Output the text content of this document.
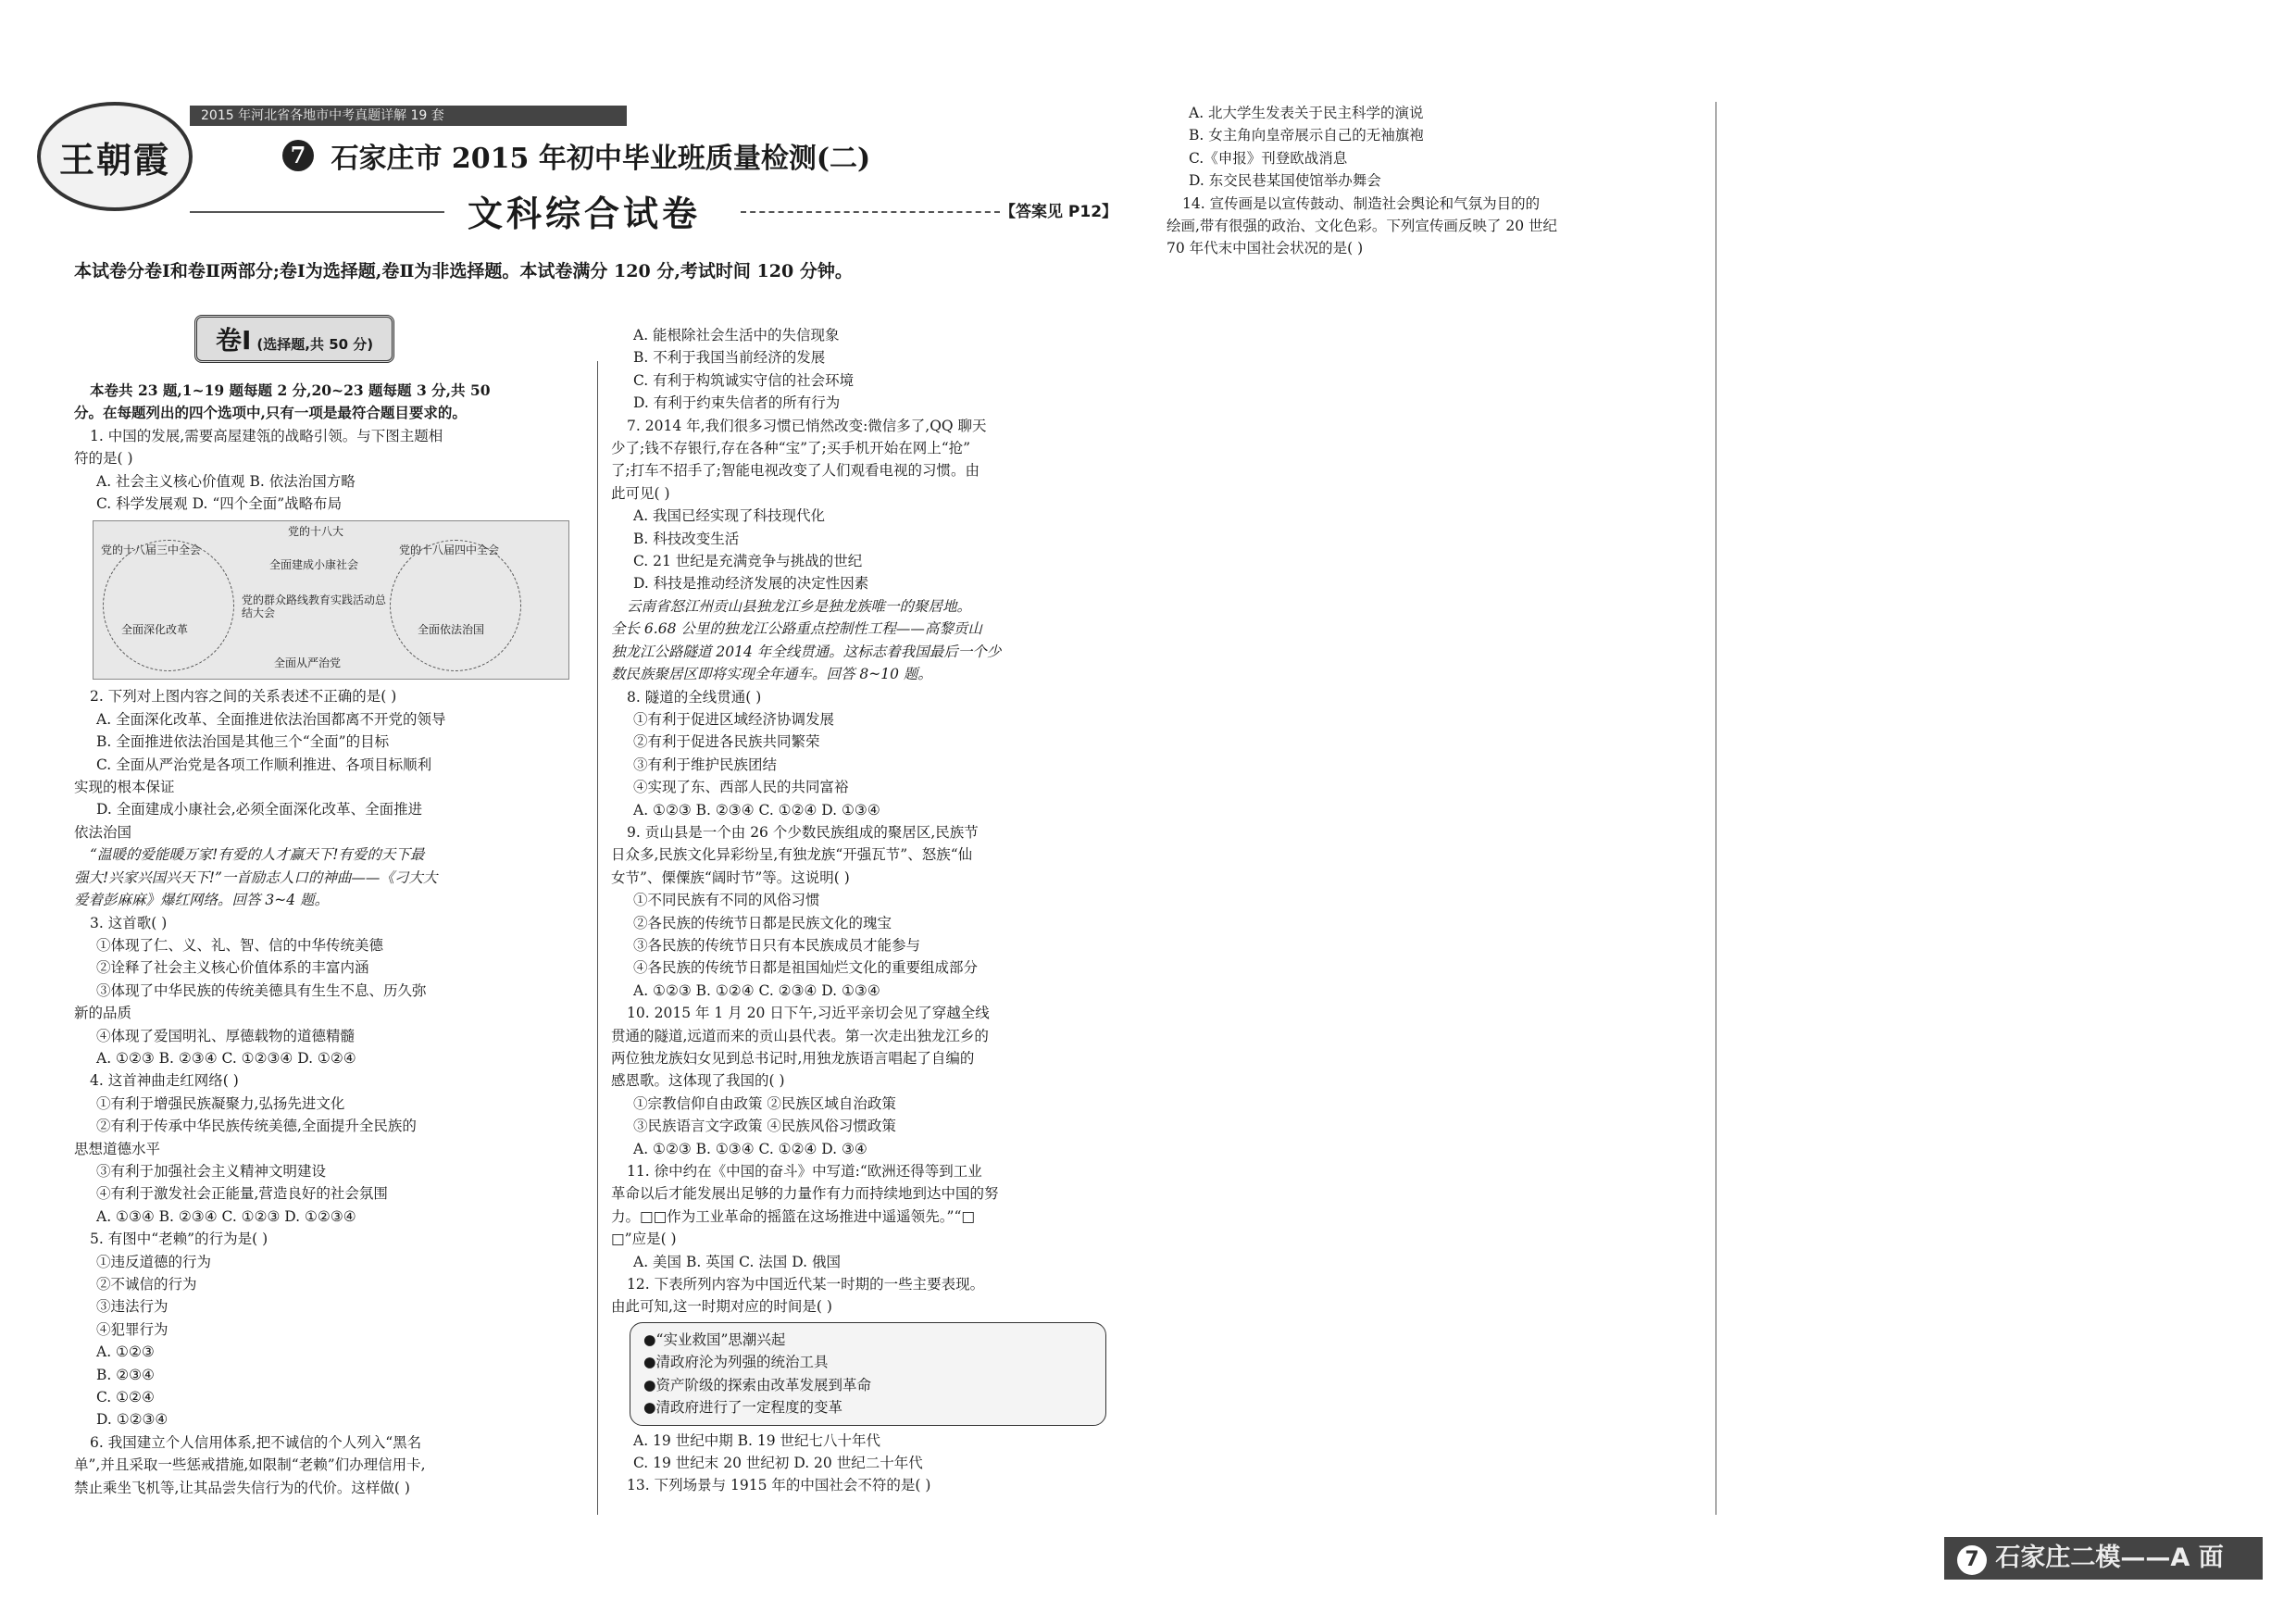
王朝霞
2015 年河北省各地市中考真题详解 19 套
7 石家庄市 2015 年初中毕业班质量检测(二)
文科综合试卷	【答案见 P12】
本试卷分卷Ⅰ和卷Ⅱ两部分;卷Ⅰ为选择题,卷Ⅱ为非选择题。本试卷满分 120 分,考试时间 120 分钟。
卷Ⅰ (选择题,共 50 分)

本卷共 23 题,1~19 题每题 2 分,20~23 题每题 3 分,共 50

分。在每题列出的四个选项中,只有一项是最符合题目要求的。

1. 中国的发展,需要高屋建瓴的战略引领。与下图主题相

符的是( )

A. 社会主义核心价值观 B. 依法治国方略

C. 科学发展观 D. “四个全面”战略布局

党的十八大
党的十八届三中全会	党的十八届四中全会
全面建成小康社会
党的群众路线教育实践活动总结大会
全面深化改革	全面依法治国
全面从严治党

2. 下列对上图内容之间的关系表述不正确的是( )

A. 全面深化改革、全面推进依法治国都离不开党的领导

B. 全面推进依法治国是其他三个“全面”的目标

C. 全面从严治党是各项工作顺利推进、各项目标顺利

实现的根本保证

D. 全面建成小康社会,必须全面深化改革、全面推进

依法治国

“温暖的爱能暖万家!有爱的人才赢天下!有爱的天下最

强大!兴家兴国兴天下!”一首励志人口的神曲——《刁大大

爱着彭麻麻》爆红网络。回答 3~4 题。

3. 这首歌( )

①体现了仁、义、礼、智、信的中华传统美德

②诠释了社会主义核心价值体系的丰富内涵

③体现了中华民族的传统美德具有生生不息、历久弥

新的品质

④体现了爱国明礼、厚德载物的道德精髓

A. ①②③ B. ②③④ C. ①②③④ D. ①②④

4. 这首神曲走红网络( )

①有利于增强民族凝聚力,弘扬先进文化

②有利于传承中华民族传统美德,全面提升全民族的

思想道德水平

③有利于加强社会主义精神文明建设

④有利于激发社会正能量,营造良好的社会氛围

A. ①③④ B. ②③④ C. ①②③ D. ①②③④

5. 有图中“老赖”的行为是( )

①违反道德的行为

②不诚信的行为

③违法行为

④犯罪行为

A. ①②③

B. ②③④

C. ①②④

D. ①②③④

6. 我国建立个人信用体系,把不诚信的个人列入“黑名

单”,并且采取一些惩戒措施,如限制“老赖”们办理信用卡,

禁止乘坐飞机等,让其品尝失信行为的代价。这样做( )

A. 能根除社会生活中的失信现象

B. 不利于我国当前经济的发展

C. 有利于构筑诚实守信的社会环境

D. 有利于约束失信者的所有行为

7. 2014 年,我们很多习惯已悄然改变:微信多了,QQ 聊天

少了;钱不存银行,存在各种“宝”了;买手机开始在网上“抢”

了;打车不招手了;智能电视改变了人们观看电视的习惯。由

此可见( )

A. 我国已经实现了科技现代化

B. 科技改变生活

C. 21 世纪是充满竞争与挑战的世纪

D. 科技是推动经济发展的决定性因素

云南省怒江州贡山县独龙江乡是独龙族唯一的聚居地。

全长 6.68 公里的独龙江公路重点控制性工程——高黎贡山

独龙江公路隧道 2014 年全线贯通。这标志着我国最后一个少

数民族聚居区即将实现全年通车。回答 8~10 题。

8. 隧道的全线贯通( )

①有利于促进区域经济协调发展

②有利于促进各民族共同繁荣

③有利于维护民族团结

④实现了东、西部人民的共同富裕

A. ①②③ B. ②③④ C. ①②④ D. ①③④

9. 贡山县是一个由 26 个少数民族组成的聚居区,民族节

日众多,民族文化异彩纷呈,有独龙族“开强瓦节”、怒族“仙

女节”、傈僳族“阔时节”等。这说明( )

①不同民族有不同的风俗习惯

②各民族的传统节日都是民族文化的瑰宝

③各民族的传统节日只有本民族成员才能参与

④各民族的传统节日都是祖国灿烂文化的重要组成部分

A. ①②③ B. ①②④ C. ②③④ D. ①③④

10. 2015 年 1 月 20 日下午,习近平亲切会见了穿越全线

贯通的隧道,远道而来的贡山县代表。第一次走出独龙江乡的

两位独龙族妇女见到总书记时,用独龙族语言唱起了自编的

感恩歌。这体现了我国的( )

①宗教信仰自由政策 ②民族区域自治政策

③民族语言文字政策 ④民族风俗习惯政策

A. ①②③ B. ①③④ C. ①②④ D. ③④

11. 徐中约在《中国的奋斗》中写道:“欧洲还得等到工业

革命以后才能发展出足够的力量作有力而持续地到达中国的努

力。□□作为工业革命的摇篮在这场推进中遥遥领先。”“□

□”应是( )

A. 美国 B. 英国 C. 法国 D. 俄国

12. 下表所列内容为中国近代某一时期的一些主要表现。

由此可知,这一时期对应的时间是( )

●“实业救国”思潮兴起

●清政府沦为列强的统治工具

●资产阶级的探索由改革发展到革命

●清政府进行了一定程度的变革

A. 19 世纪中期 B. 19 世纪七八十年代

C. 19 世纪末 20 世纪初 D. 20 世纪二十年代

13. 下列场景与 1915 年的中国社会不符的是( )

A. 北大学生发表关于民主科学的演说

B. 女主角向皇帝展示自己的无袖旗袍

C.《申报》刊登欧战消息

D. 东交民巷某国使馆举办舞会

14. 宣传画是以宣传鼓动、制造社会舆论和气氛为目的的

绘画,带有很强的政治、文化色彩。下列宣传画反映了 20 世纪

70 年代末中国社会状况的是( )

7 石家庄二模——A 面
